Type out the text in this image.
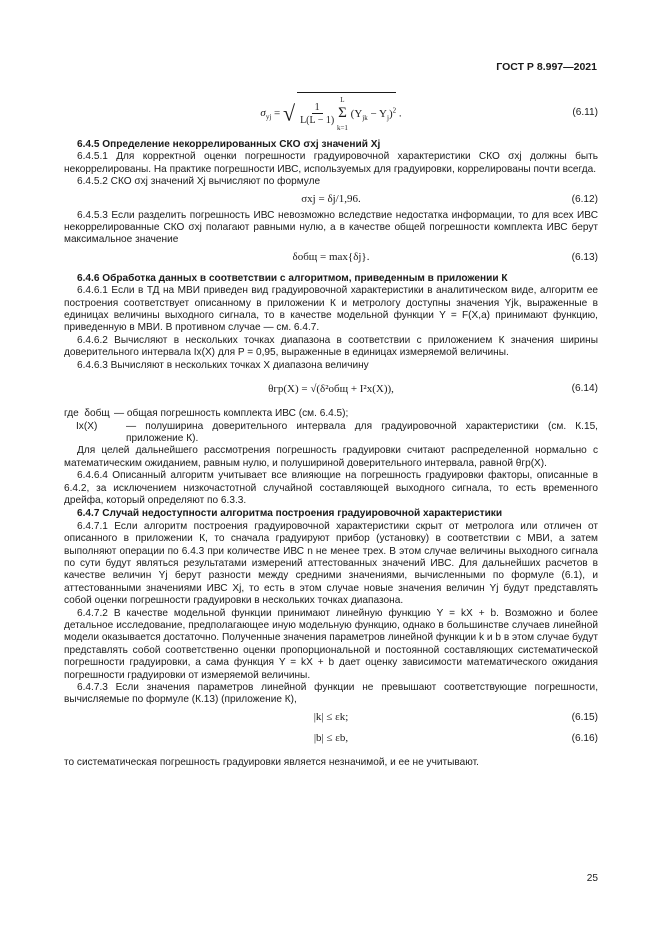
ГОСТ Р 8.997—2021
$\sigma_{yj}$ = √ $\frac{1}{L(L - 1)}$ L
Σ
k=1 $(Y_{jk} - Y_j)^2$ .	(6.11)

6.4.5 Определение некоррелированных СКО σxj значений Xj

6.4.5.1 Для корректной оценки погрешности градуировочной характеристики СКО σxj должны быть некоррелированы. На практике погрешности ИВС, используемых для градуировки, коррелированы почти всегда.

6.4.5.2 СКО σxj значений Xj вычисляют по формуле

σxj = δj/1,96.	(6.12)

6.4.5.3 Если разделить погрешность ИВС невозможно вследствие недостатка информации, то для всех ИВС некоррелированные СКО σxj полагают равными нулю, а в качестве общей погрешности комплекта ИВС берут максимальное значение

δобщ = max{δj}.	(6.13)

6.4.6 Обработка данных в соответствии с алгоритмом, приведенным в приложении К

6.4.6.1 Если в ТД на МВИ приведен вид градуировочной характеристики в аналитическом виде, алгоритм ее построения соответствует описанному в приложении К и метрологу доступны значения Yjk, выраженные в единицах величины выходного сигнала, то в качестве модельной функции Y = F(X,a) принимают функцию, приведенную в МВИ. В противном случае — см. 6.4.7.

6.4.6.2 Вычисляют в нескольких точках диапазона в соответствии с приложением К значения ширины доверительного интервала Ix(X) для P = 0,95, выраженные в единицах измеряемой величины.

6.4.6.3 Вычисляют в нескольких точках X диапазона величину

θгр(X) = √(δ²общ + I²x(X)),	(6.14)
где δобщ — общая погрешность комплекта ИВС (см. 6.4.5);
Ix(X)	— полуширина доверительного интервала для градуировочной характеристики (см. К.15, приложение К).

Для целей дальнейшего рассмотрения погрешность градуировки считают распределенной нормально с математическим ожиданием, равным нулю, и полушириной доверительного интервала, равной θгр(X).

6.4.6.4 Описанный алгоритм учитывает все влияющие на погрешность градуировки факторы, описанные в 6.4.2, за исключением низкочастотной случайной составляющей выходного сигнала, то есть временного дрейфа, который определяют по 6.3.3.

6.4.7 Случай недоступности алгоритма построения градуировочной характеристики

6.4.7.1 Если алгоритм построения градуировочной характеристики скрыт от метролога или отличен от описанного в приложении К, то сначала градуируют прибор (установку) в соответствии с МВИ, а затем выполняют операции по 6.4.3 при количестве ИВС n не менее трех. В этом случае величины выходного сигнала по сути будут являться результатами измерений аттестованных значений ИВС. Для дальнейших расчетов в качестве величин Yj берут разности между средними значениями, вычисленными по формуле (6.1), и аттестованными значениями ИВС Xj, то есть в этом случае новые значения величин Yj будут представлять собой оценки погрешности градуировки в нескольких точках диапазона.

6.4.7.2 В качестве модельной функции принимают линейную функцию Y = kX + b. Возможно и более детальное исследование, предполагающее иную модельную функцию, однако в большинстве случаев линейной модели оказывается достаточно. Полученные значения параметров линейной функции k и b в этом случае будут представлять собой соответственно оценки пропорциональной и постоянной составляющих систематической погрешности градуировки, а сама функция Y = kX + b дает оценку зависимости математического ожидания погрешности градуировки от измеряемой величины.

6.4.7.3 Если значения параметров линейной функции не превышают соответствующие погрешности, вычисляемые по формуле (К.13) (приложение К),

|k| ≤ εk;	(6.15)
|b| ≤ εb,	(6.16)

то систематическая погрешность градуировки является незначимой, и ее не учитывают.

25
